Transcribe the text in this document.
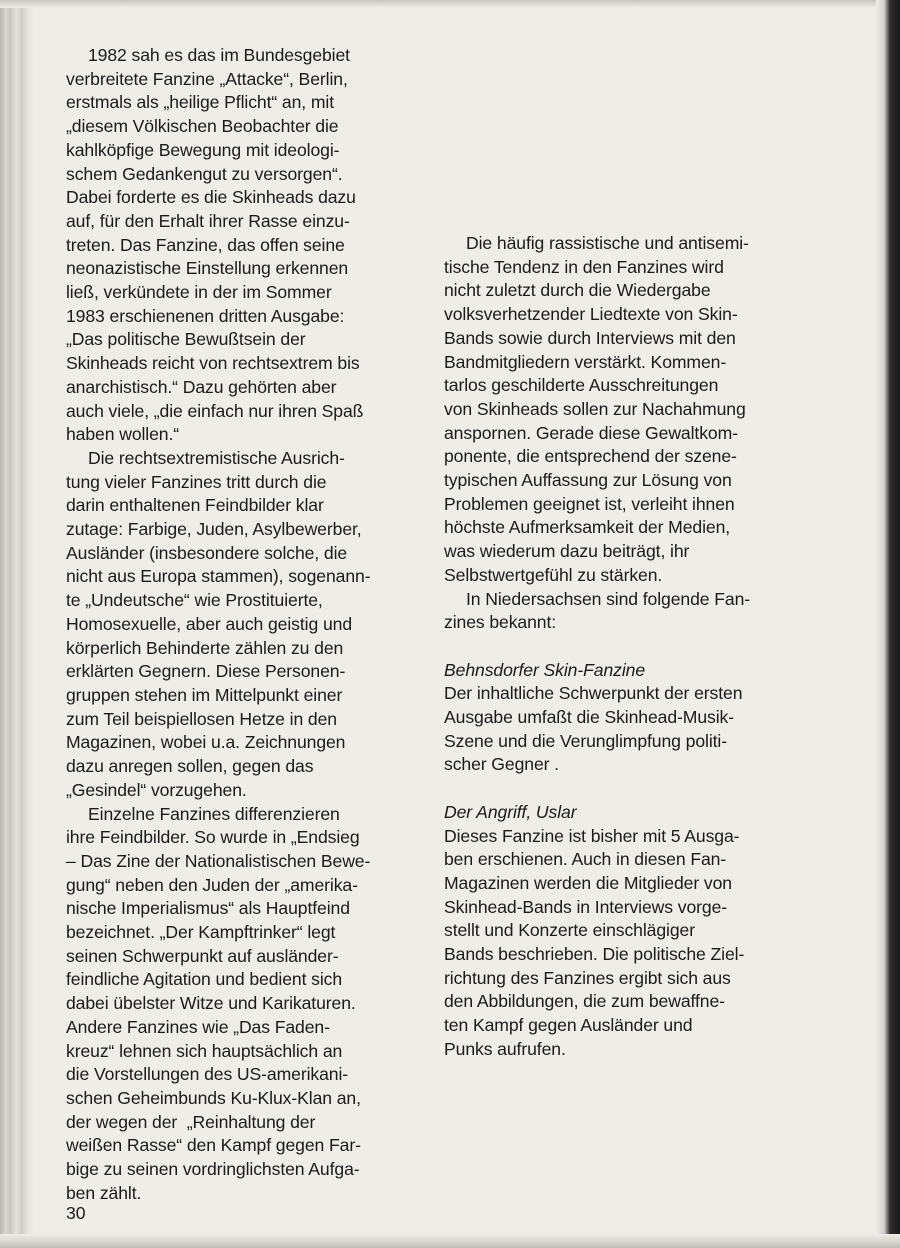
1982 sah es das im Bundesgebiet
verbreitete Fanzine „Attacke“, Berlin,
erstmals als „heilige Pflicht“ an, mit
„diesem Völkischen Beobachter die
kahlköpfige Bewegung mit ideologi-
schem Gedankengut zu versorgen“.
Dabei forderte es die Skinheads dazu
auf, für den Erhalt ihrer Rasse einzu-
treten. Das Fanzine, das offen seine
neonazistische Einstellung erkennen
ließ, verkündete in der im Sommer
1983 erschienenen dritten Ausgabe:
„Das politische Bewußtsein der
Skinheads reicht von rechtsextrem bis
anarchistisch.“ Dazu gehörten aber
auch viele, „die einfach nur ihren Spaß
haben wollen.“
Die rechtsextremistische Ausrich-
tung vieler Fanzines tritt durch die
darin enthaltenen Feindbilder klar
zutage: Farbige, Juden, Asylbewerber,
Ausländer (insbesondere solche, die
nicht aus Europa stammen), sogenann-
te „Undeutsche“ wie Prostituierte,
Homosexuelle, aber auch geistig und
körperlich Behinderte zählen zu den
erklärten Gegnern. Diese Personen-
gruppen stehen im Mittelpunkt einer
zum Teil beispiellosen Hetze in den
Magazinen, wobei u.a. Zeichnungen
dazu anregen sollen, gegen das
„Gesindel“ vorzugehen.
Einzelne Fanzines differenzieren
ihre Feindbilder. So wurde in „Endsieg
– Das Zine der Nationalistischen Bewe-
gung“ neben den Juden der „amerika-
nische Imperialismus“ als Hauptfeind
bezeichnet. „Der Kampftrinker“ legt
seinen Schwerpunkt auf ausländer-
feindliche Agitation und bedient sich
dabei übelster Witze und Karikaturen.
Andere Fanzines wie „Das Faden-
kreuz“ lehnen sich hauptsächlich an
die Vorstellungen des US-amerikani-
schen Geheimbunds Ku-Klux-Klan an,
der wegen der  „Reinhaltung der
weißen Rasse“ den Kampf gegen Far-
bige zu seinen vordringlichsten Aufga-
ben zählt.
Die häufig rassistische und antisemi-
tische Tendenz in den Fanzines wird
nicht zuletzt durch die Wiedergabe
volksverhetzender Liedtexte von Skin-
Bands sowie durch Interviews mit den
Bandmitgliedern verstärkt. Kommen-
tarlos geschilderte Ausschreitungen
von Skinheads sollen zur Nachahmung
anspornen. Gerade diese Gewaltkom-
ponente, die entsprechend der szene-
typischen Auffassung zur Lösung von
Problemen geeignet ist, verleiht ihnen
höchste Aufmerksamkeit der Medien,
was wiederum dazu beiträgt, ihr
Selbstwertgefühl zu stärken.
In Niedersachsen sind folgende Fan-
zines bekannt:
Behnsdorfer Skin-Fanzine
Der inhaltliche Schwerpunkt der ersten
Ausgabe umfaßt die Skinhead-Musik-
Szene und die Verunglimpfung politi-
scher Gegner .
Der Angriff, Uslar
Dieses Fanzine ist bisher mit 5 Ausga-
ben erschienen. Auch in diesen Fan-
Magazinen werden die Mitglieder von
Skinhead-Bands in Interviews vorge-
stellt und Konzerte einschlägiger
Bands beschrieben. Die politische Ziel-
richtung des Fanzines ergibt sich aus
den Abbildungen, die zum bewaffne-
ten Kampf gegen Ausländer und
Punks aufrufen.
30
